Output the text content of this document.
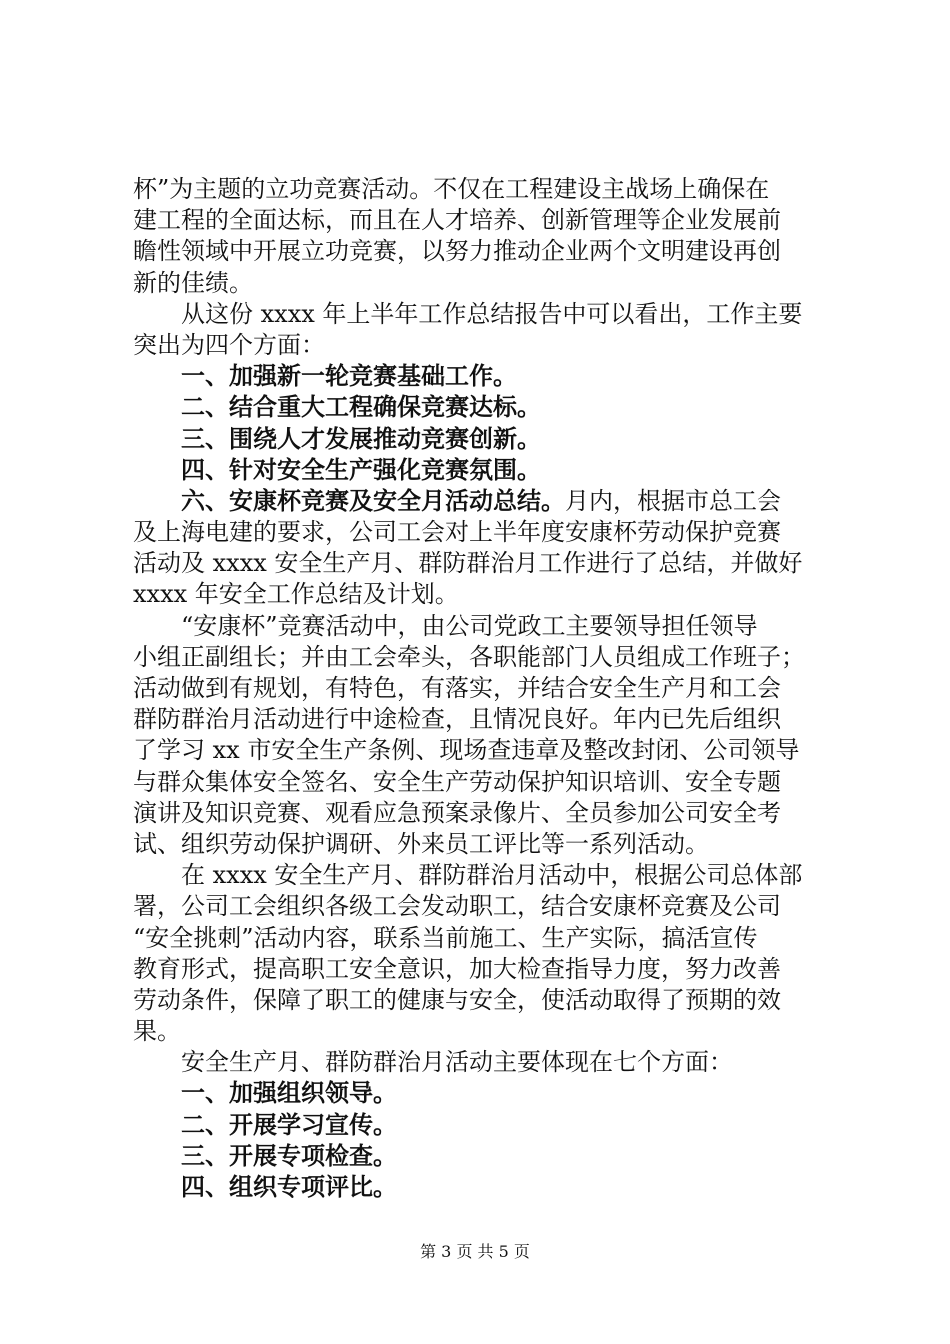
杯”为主题的立功竞赛活动。不仅在工程建设主战场上确保在
建工程的全面达标，而且在人才培养、创新管理等企业发展前
瞻性领域中开展立功竞赛，以努力推动企业两个文明建设再创
新的佳绩。
从这份 xxxx 年上半年工作总结报告中可以看出，工作主要
突出为四个方面：
一、加强新一轮竞赛基础工作。
二、结合重大工程确保竞赛达标。
三、围绕人才发展推动竞赛创新。
四、针对安全生产强化竞赛氛围。
六、安康杯竞赛及安全月活动总结。月内，根据市总工会
及上海电建的要求，公司工会对上半年度安康杯劳动保护竞赛
活动及 xxxx 安全生产月、群防群治月工作进行了总结，并做好
xxxx 年安全工作总结及计划。
“安康杯”竞赛活动中，由公司党政工主要领导担任领导
小组正副组长；并由工会牵头，各职能部门人员组成工作班子；
活动做到有规划，有特色，有落实，并结合安全生产月和工会
群防群治月活动进行中途检查，且情况良好。年内已先后组织
了学习 xx 市安全生产条例、现场查违章及整改封闭、公司领导
与群众集体安全签名、安全生产劳动保护知识培训、安全专题
演讲及知识竞赛、观看应急预案录像片、全员参加公司安全考
试、组织劳动保护调研、外来员工评比等一系列活动。
在 xxxx 安全生产月、群防群治月活动中，根据公司总体部
署，公司工会组织各级工会发动职工，结合安康杯竞赛及公司
“安全挑刺”活动内容，联系当前施工、生产实际，搞活宣传
教育形式，提高职工安全意识，加大检查指导力度，努力改善
劳动条件，保障了职工的健康与安全，使活动取得了预期的效
果。
安全生产月、群防群治月活动主要体现在七个方面：
一、加强组织领导。
二、开展学习宣传。
三、开展专项检查。
四、组织专项评比。
第 3 页 共 5 页
